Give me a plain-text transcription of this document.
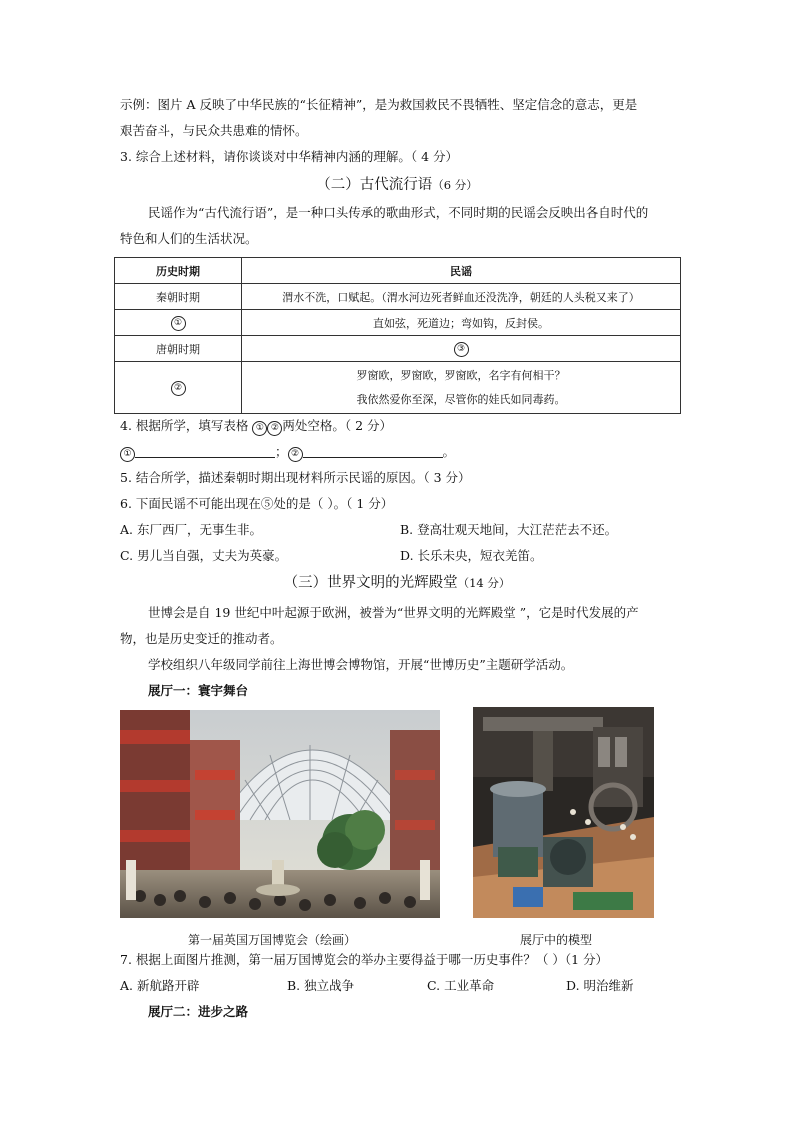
示例：图片 A 反映了中华民族的“长征精神”，是为救国救民不畏牺牲、坚定信念的意志，更是
艰苦奋斗，与民众共患难的情怀。
3. 综合上述材料，请你谈谈对中华精神内涵的理解。（ 4 分）
（二）古代流行语（6 分）
民谣作为“古代流行语”，是一种口头传承的歌曲形式，不同时期的民谣会反映出各自时代的
特色和人们的生活状况。
历史时期	民谣
秦朝时期	渭水不洗，口赋起。（渭水河边死者鲜血还没洗净，朝廷的人头税又来了）
①	直如弦，死道边；弯如钩，反封侯。
唐朝时期	③
②	罗窗欧，罗窗欧，罗窗欧，名字有何相干？
我依然爱你至深，尽管你的娃氏如同毒药。
4. 根据所学，填写表格 ① ② 两处空格。（ 2 分）
①	； ②	。
5. 结合所学，描述秦朝时期出现材料所示民谣的原因。（ 3 分）
6. 下面民谣不可能出现在⑤处的是（ ）。（ 1 分）
A. 东厂西厂，无事生非。	B. 登高壮观天地间，大江茫茫去不还。
C. 男儿当自强，丈夫为英豪。	D. 长乐未央，短衣羌笛。
（三）世界文明的光辉殿堂（14 分）
世博会是自 19 世纪中叶起源于欧洲，被誉为“世界文明的光辉殿堂 ”，它是时代发展的产
物，也是历史变迁的推动者。
学校组织八年级同学前往上海世博会博物馆，开展“世博历史”主题研学活动。
展厅一：寰宇舞台
第一届英国万国博览会（绘画）	展厅中的模型
7. 根据上面图片推测，第一届万国博览会的举办主要得益于哪一历史事件？（ ）（1 分）
A. 新航路开辟	B. 独立战争	C. 工业革命	D. 明治维新
展厅二：进步之路
